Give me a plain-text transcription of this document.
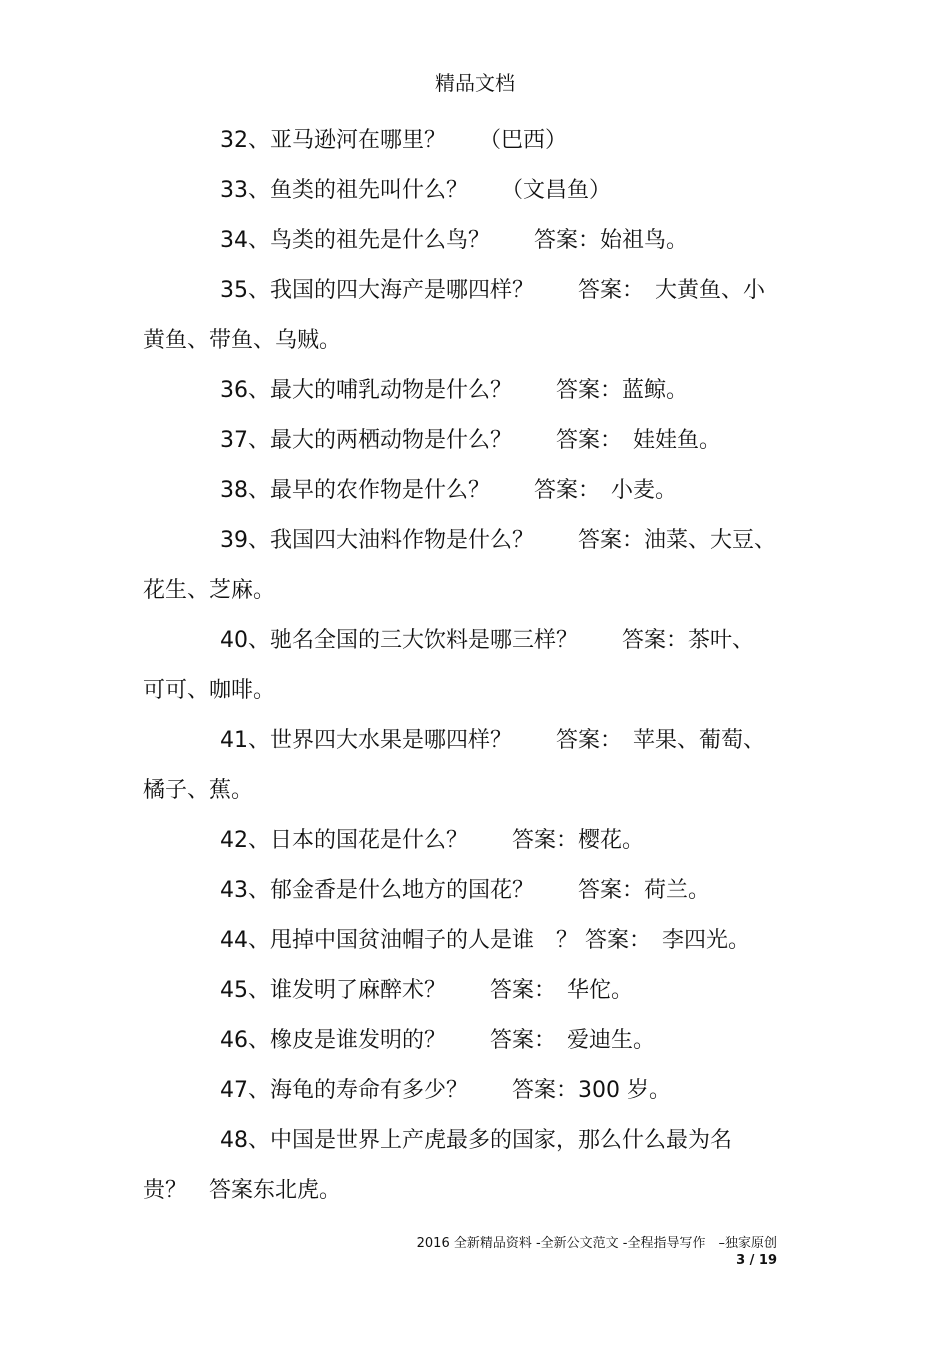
精品文档
32、亚马逊河在哪里？　　（巴西）
33、鱼类的祖先叫什么？　　（文昌鱼）
34、鸟类的祖先是什么鸟？　　答案：始祖鸟。
35、我国的四大海产是哪四样？　　答案：　大黄鱼、小
黄鱼、带鱼、乌贼。
36、最大的哺乳动物是什么？　　答案：蓝鲸。
37、最大的两栖动物是什么？　　答案：　娃娃鱼。
38、最早的农作物是什么？　　答案：　小麦。
39、我国四大油料作物是什么？　　答案：油菜、大豆、
花生、芝麻。
40、驰名全国的三大饮料是哪三样？　　答案：茶叶、
可可、咖啡。
41、世界四大水果是哪四样？　　答案：　苹果、葡萄、
橘子、蕉。
42、日本的国花是什么？　　答案：樱花。
43、郁金香是什么地方的国花？　　答案：荷兰。
44、甩掉中国贫油帽子的人是谁　？ 答案：　李四光。
45、谁发明了麻醉术？　　答案：　华佗。
46、橡皮是谁发明的？　　答案：　爱迪生。
47、海龟的寿命有多少？　　答案：300 岁。
48、中国是世界上产虎最多的国家，那么什么最为名
贵？　答案东北虎。
2016 全新精品资料 -全新公文范文 -全程指导写作　–独家原创
3 / 19
